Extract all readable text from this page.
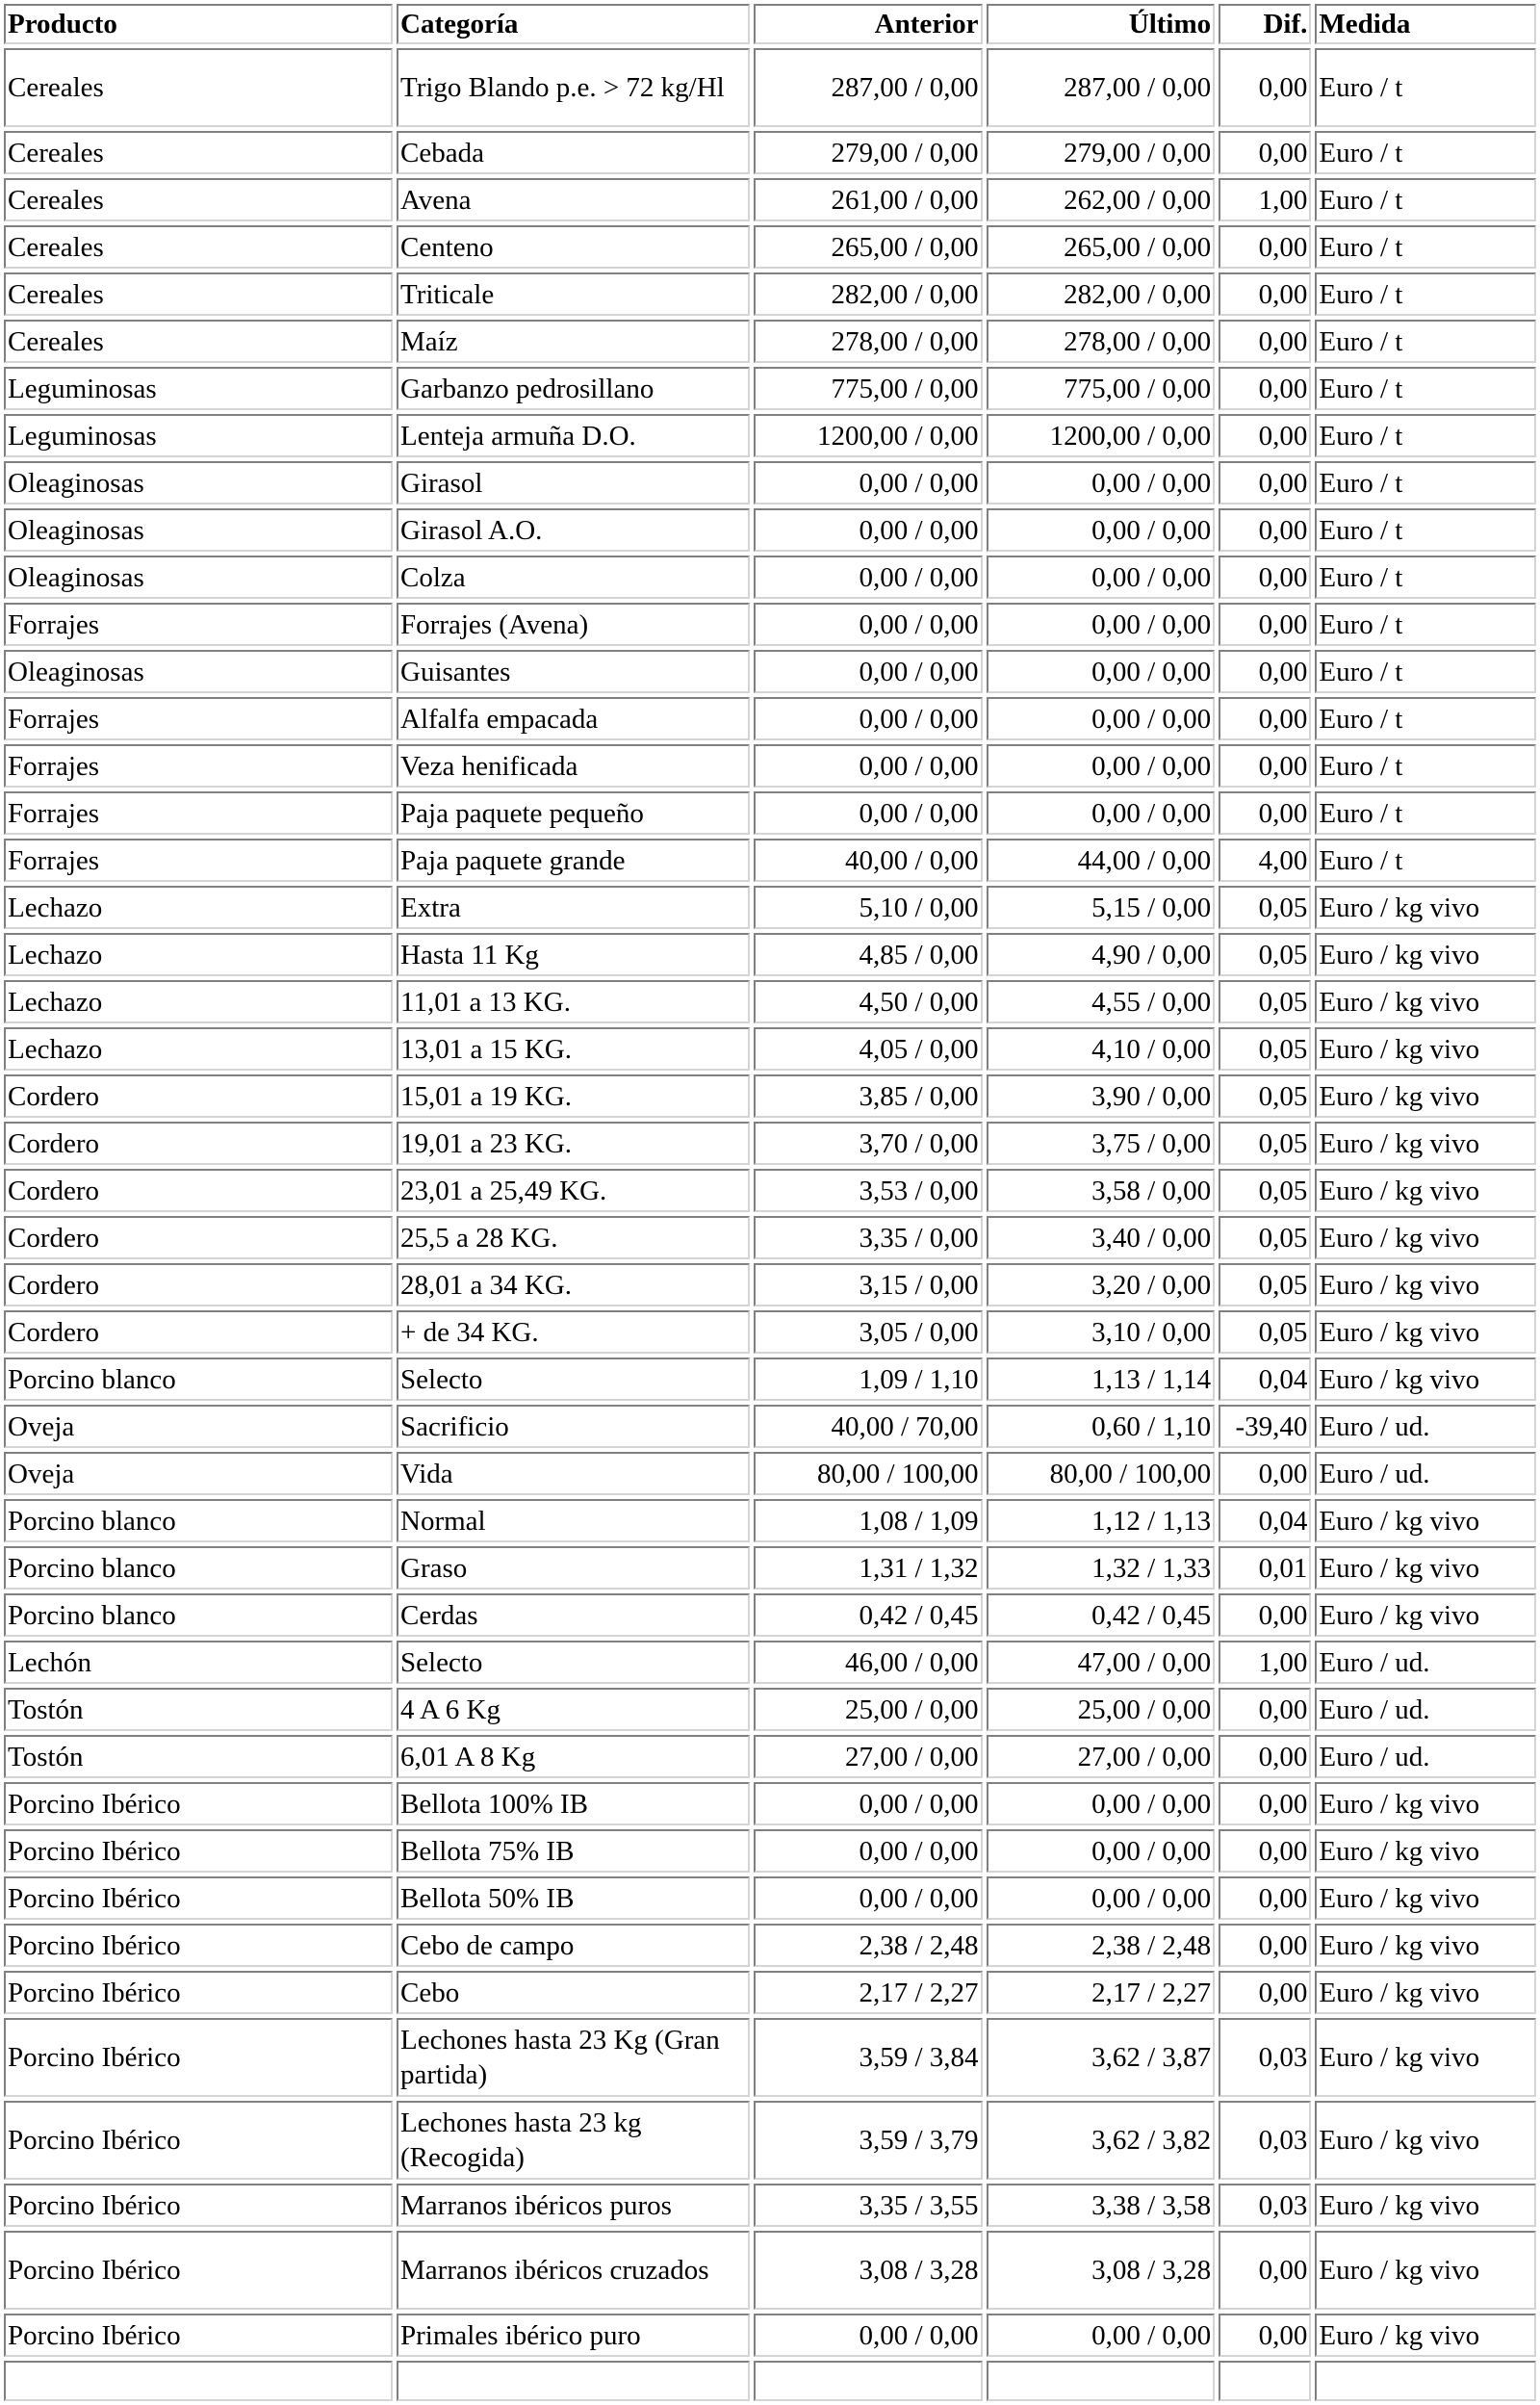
Producto	Categoría	Anterior	Último	Dif.	Medida
Cereales	Trigo Blando p.e. > 72 kg/Hl	287,00 / 0,00	287,00 / 0,00	0,00	Euro / t
Cereales	Cebada	279,00 / 0,00	279,00 / 0,00	0,00	Euro / t
Cereales	Avena	261,00 / 0,00	262,00 / 0,00	1,00	Euro / t
Cereales	Centeno	265,00 / 0,00	265,00 / 0,00	0,00	Euro / t
Cereales	Triticale	282,00 / 0,00	282,00 / 0,00	0,00	Euro / t
Cereales	Maíz	278,00 / 0,00	278,00 / 0,00	0,00	Euro / t
Leguminosas	Garbanzo pedrosillano	775,00 / 0,00	775,00 / 0,00	0,00	Euro / t
Leguminosas	Lenteja armuña D.O.	1200,00 / 0,00	1200,00 / 0,00	0,00	Euro / t
Oleaginosas	Girasol	0,00 / 0,00	0,00 / 0,00	0,00	Euro / t
Oleaginosas	Girasol A.O.	0,00 / 0,00	0,00 / 0,00	0,00	Euro / t
Oleaginosas	Colza	0,00 / 0,00	0,00 / 0,00	0,00	Euro / t
Forrajes	Forrajes (Avena)	0,00 / 0,00	0,00 / 0,00	0,00	Euro / t
Oleaginosas	Guisantes	0,00 / 0,00	0,00 / 0,00	0,00	Euro / t
Forrajes	Alfalfa empacada	0,00 / 0,00	0,00 / 0,00	0,00	Euro / t
Forrajes	Veza henificada	0,00 / 0,00	0,00 / 0,00	0,00	Euro / t
Forrajes	Paja paquete pequeño	0,00 / 0,00	0,00 / 0,00	0,00	Euro / t
Forrajes	Paja paquete grande	40,00 / 0,00	44,00 / 0,00	4,00	Euro / t
Lechazo	Extra	5,10 / 0,00	5,15 / 0,00	0,05	Euro / kg vivo
Lechazo	Hasta 11 Kg	4,85 / 0,00	4,90 / 0,00	0,05	Euro / kg vivo
Lechazo	11,01 a 13 KG.	4,50 / 0,00	4,55 / 0,00	0,05	Euro / kg vivo
Lechazo	13,01 a 15 KG.	4,05 / 0,00	4,10 / 0,00	0,05	Euro / kg vivo
Cordero	15,01 a 19 KG.	3,85 / 0,00	3,90 / 0,00	0,05	Euro / kg vivo
Cordero	19,01 a 23 KG.	3,70 / 0,00	3,75 / 0,00	0,05	Euro / kg vivo
Cordero	23,01 a 25,49 KG.	3,53 / 0,00	3,58 / 0,00	0,05	Euro / kg vivo
Cordero	25,5 a 28 KG.	3,35 / 0,00	3,40 / 0,00	0,05	Euro / kg vivo
Cordero	28,01 a 34 KG.	3,15 / 0,00	3,20 / 0,00	0,05	Euro / kg vivo
Cordero	+ de 34 KG.	3,05 / 0,00	3,10 / 0,00	0,05	Euro / kg vivo
Porcino blanco	Selecto	1,09 / 1,10	1,13 / 1,14	0,04	Euro / kg vivo
Oveja	Sacrificio	40,00 / 70,00	0,60 / 1,10	-39,40	Euro / ud.
Oveja	Vida	80,00 / 100,00	80,00 / 100,00	0,00	Euro / ud.
Porcino blanco	Normal	1,08 / 1,09	1,12 / 1,13	0,04	Euro / kg vivo
Porcino blanco	Graso	1,31 / 1,32	1,32 / 1,33	0,01	Euro / kg vivo
Porcino blanco	Cerdas	0,42 / 0,45	0,42 / 0,45	0,00	Euro / kg vivo
Lechón	Selecto	46,00 / 0,00	47,00 / 0,00	1,00	Euro / ud.
Tostón	4 A 6 Kg	25,00 / 0,00	25,00 / 0,00	0,00	Euro / ud.
Tostón	6,01 A 8 Kg	27,00 / 0,00	27,00 / 0,00	0,00	Euro / ud.
Porcino Ibérico	Bellota 100% IB	0,00 / 0,00	0,00 / 0,00	0,00	Euro / kg vivo
Porcino Ibérico	Bellota 75% IB	0,00 / 0,00	0,00 / 0,00	0,00	Euro / kg vivo
Porcino Ibérico	Bellota 50% IB	0,00 / 0,00	0,00 / 0,00	0,00	Euro / kg vivo
Porcino Ibérico	Cebo de campo	2,38 / 2,48	2,38 / 2,48	0,00	Euro / kg vivo
Porcino Ibérico	Cebo	2,17 / 2,27	2,17 / 2,27	0,00	Euro / kg vivo
Porcino Ibérico	Lechones hasta 23 Kg (Gran partida)	3,59 / 3,84	3,62 / 3,87	0,03	Euro / kg vivo
Porcino Ibérico	Lechones hasta 23 kg (Recogida)	3,59 / 3,79	3,62 / 3,82	0,03	Euro / kg vivo
Porcino Ibérico	Marranos ibéricos puros	3,35 / 3,55	3,38 / 3,58	0,03	Euro / kg vivo
Porcino Ibérico	Marranos ibéricos cruzados	3,08 / 3,28	3,08 / 3,28	0,00	Euro / kg vivo
Porcino Ibérico	Primales ibérico puro	0,00 / 0,00	0,00 / 0,00	0,00	Euro / kg vivo
